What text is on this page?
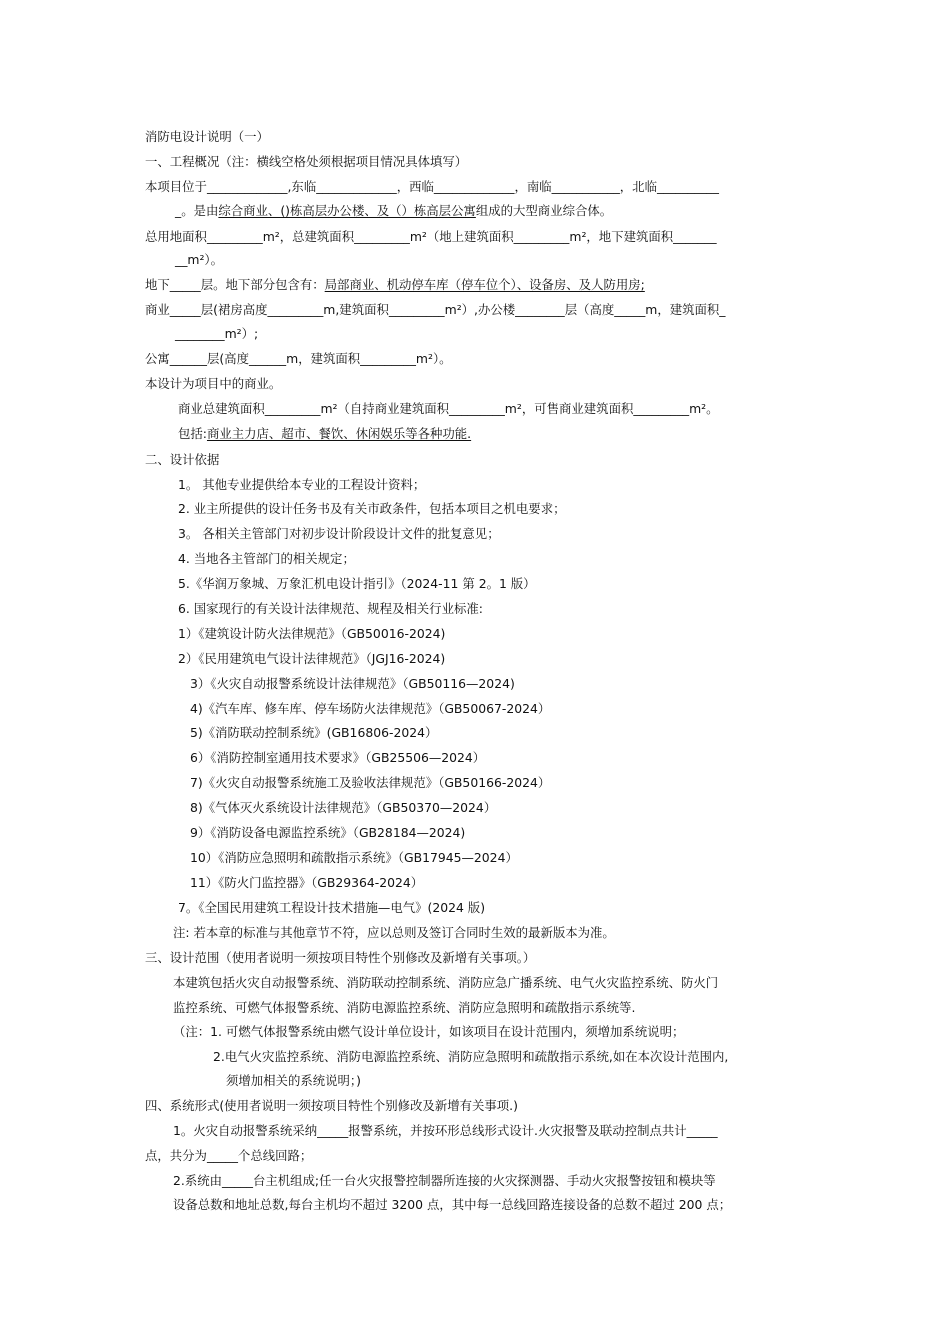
消防电设计说明（一）
一、工程概况（注：横线空格处须根据项目情况具体填写）
本项目位于_____________,东临_____________，西临_____________，南临___________，北临__________
_。是由综合商业、()栋高层办公楼、及（）栋高层公寓组成的大型商业综合体。
总用地面积_________m²，总建筑面积_________m²（地上建筑面积_________m²，地下建筑面积_______
__m²）。
地下_____层。地下部分包含有：局部商业、机动停车库（停车位个）、设备房、及人防用房;
商业_____层(裙房高度_________m,建筑面积_________m²）,办公楼________层（高度_____m，建筑面积_
________m²）;
公寓______层(高度______m，建筑面积_________m²）。
本设计为项目中的商业。
商业总建筑面积_________m²（自持商业建筑面积_________m²，可售商业建筑面积_________m²。
包括:商业主力店、超市、餐饮、休闲娱乐等各种功能.
二、设计依据
1。 其他专业提供给本专业的工程设计资料；
2. 业主所提供的设计任务书及有关市政条件，包括本项目之机电要求；
3。 各相关主管部门对初步设计阶段设计文件的批复意见；
4. 当地各主管部门的相关规定；
5.《华润万象城、万象汇机电设计指引》（2024-11 第 2。1 版）
6. 国家现行的有关设计法律规范、规程及相关行业标准:
1）《建筑设计防火法律规范》（GB50016-2024)
2）《民用建筑电气设计法律规范》（JGJ16-2024)
3）《火灾自动报警系统设计法律规范》（GB50116—2024)
4)《汽车库、修车库、停车场防火法律规范》（GB50067-2024）
5)《消防联动控制系统》(GB16806-2024）
6）《消防控制室通用技术要求》（GB25506—2024）
7)《火灾自动报警系统施工及验收法律规范》（GB50166-2024）
8)《气体灭火系统设计法律规范》（GB50370—2024）
9）《消防设备电源监控系统》（GB28184—2024)
10）《消防应急照明和疏散指示系统》（GB17945—2024）
11）《防火门监控器》（GB29364-2024）
7。《全国民用建筑工程设计技术措施—电气》(2024 版)
注: 若本章的标准与其他章节不符，应以总则及签订合同时生效的最新版本为准。
三、设计范围（使用者说明一须按项目特性个别修改及新增有关事项。）
本建筑包括火灾自动报警系统、消防联动控制系统、消防应急广播系统、电气火灾监控系统、防火门
监控系统、可燃气体报警系统、消防电源监控系统、消防应急照明和疏散指示系统等.
（注：1. 可燃气体报警系统由燃气设计单位设计，如该项目在设计范围内，须增加系统说明；
2.电气火灾监控系统、消防电源监控系统、消防应急照明和疏散指示系统,如在本次设计范围内,
须增加相关的系统说明；)
四、系统形式(使用者说明一须按项目特性个别修改及新增有关事项.)
1。火灾自动报警系统采纳_____报警系统，并按环形总线形式设计.火灾报警及联动控制点共计_____
点，共分为_____个总线回路；
2.系统由_____台主机组成;任一台火灾报警控制器所连接的火灾探测器、手动火灾报警按钮和模块等
设备总数和地址总数,每台主机均不超过 3200 点，其中每一总线回路连接设备的总数不超过 200 点；
